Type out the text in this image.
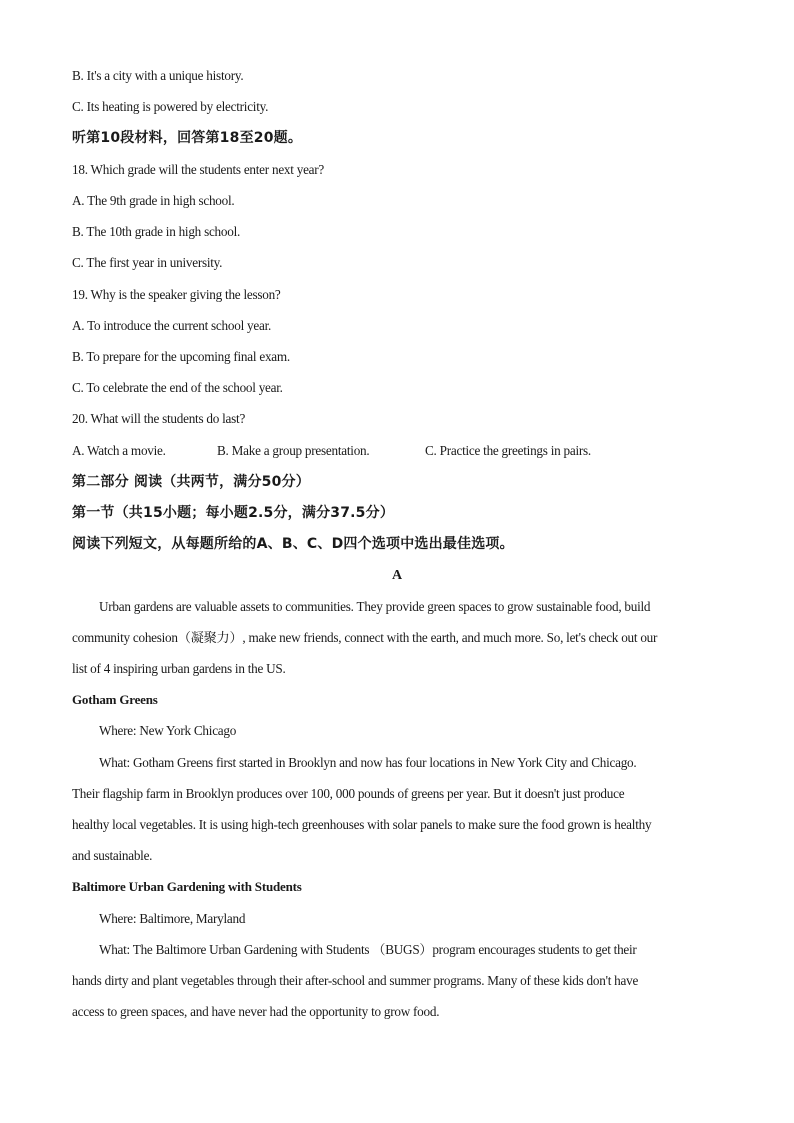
B. It's a city with a unique history.
C. Its heating is powered by electricity.
听第10段材料，回答第18至20题。
18. Which grade will the students enter next year?
A. The 9th grade in high school.
B. The 10th grade in high school.
C. The first year in university.
19. Why is the speaker giving the lesson?
A. To introduce the current school year.
B. To prepare for the upcoming final exam.
C. To celebrate the end of the school year.
20. What will the students do last?
A. Watch a movie.	B. Make a group presentation.	C. Practice the greetings in pairs.
第二部分 阅读（共两节，满分50分）
第一节（共15小题；每小题2.5分，满分37.5分）
阅读下列短文，从每题所给的A、B、C、D四个选项中选出最佳选项。
A
Urban gardens are valuable assets to communities. They provide green spaces to grow sustainable food, build
community cohesion（凝聚力）, make new friends, connect with the earth, and much more. So, let's check out our
list of 4 inspiring urban gardens in the US.
Gotham Greens
Where: New York Chicago
What: Gotham Greens first started in Brooklyn and now has four locations in New York City and Chicago.
Their flagship farm in Brooklyn produces over 100, 000 pounds of greens per year. But it doesn't just produce
healthy local vegetables. It is using high-tech greenhouses with solar panels to make sure the food grown is healthy
and sustainable.
Baltimore Urban Gardening with Students
Where: Baltimore, Maryland
What: The Baltimore Urban Gardening with Students （BUGS）program encourages students to get their
hands dirty and plant vegetables through their after-school and summer programs. Many of these kids don't have
access to green spaces, and have never had the opportunity to grow food.
